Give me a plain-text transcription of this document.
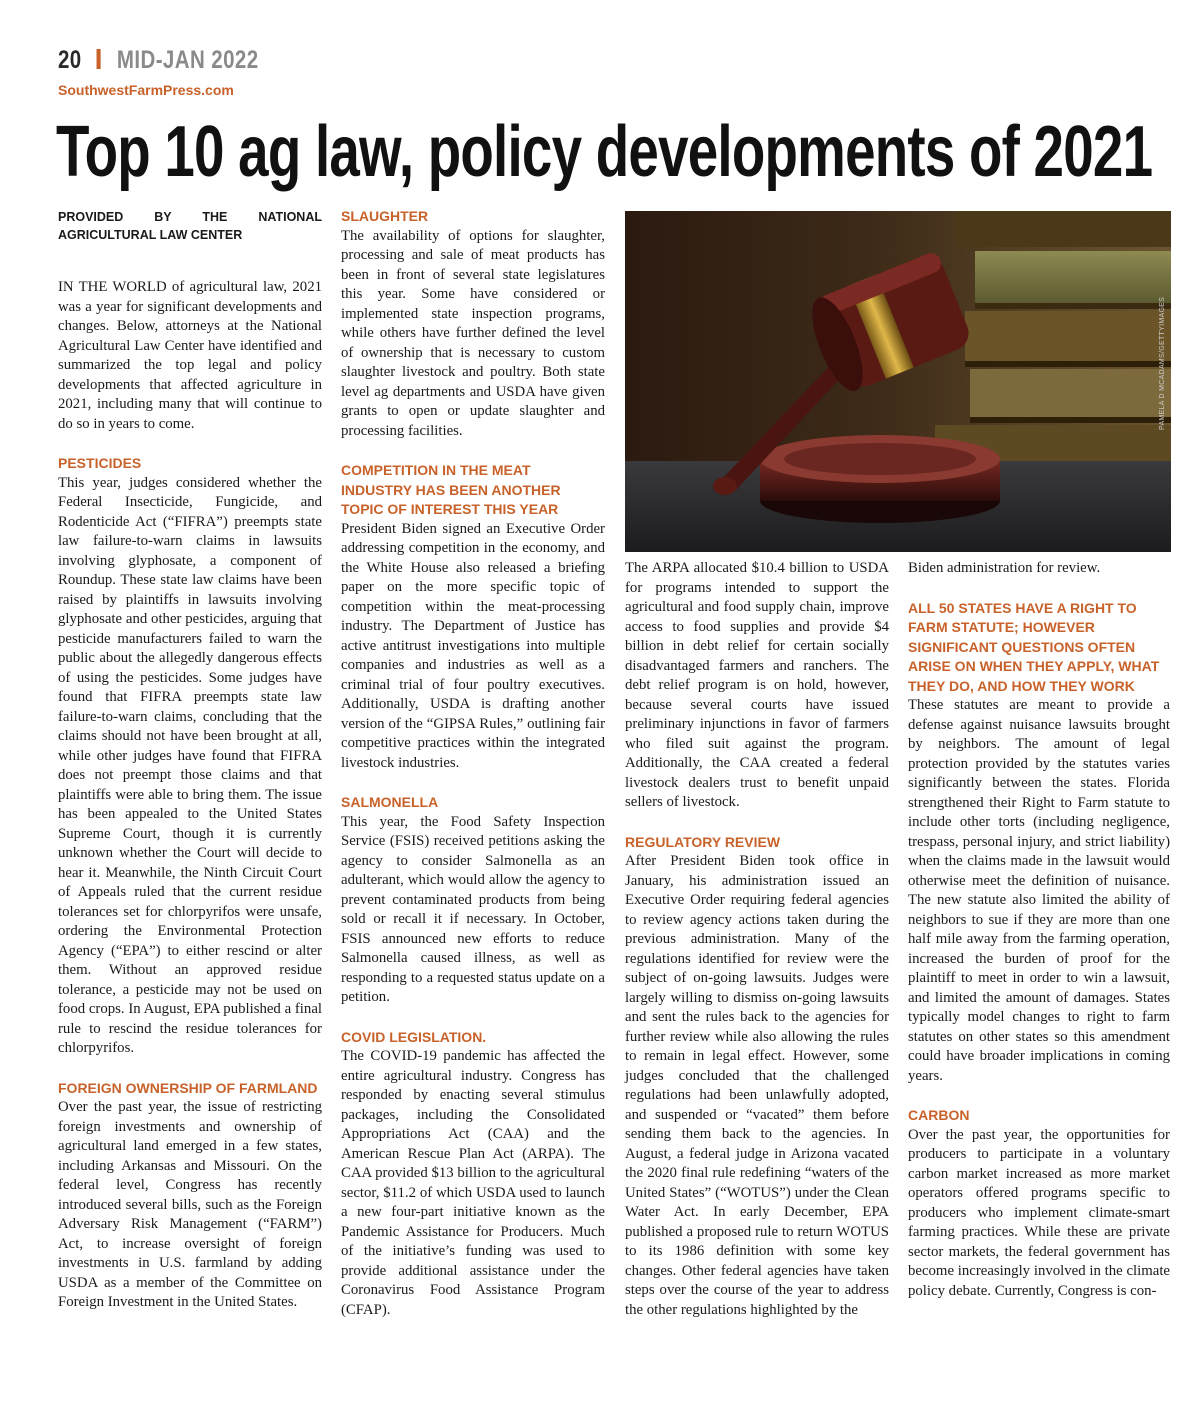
20 MID-JAN 2022
SouthwestFarmPress.com
Top 10 ag law, policy developments of 2021
PROVIDED BY THE NATIONAL AGRICULTURAL LAW CENTER

IN THE WORLD of agricultural law, 2021 was a year for significant developments and changes. Below, attorneys at the National Agricultural Law Center have identified and summarized the top legal and policy developments that affected agriculture in 2021, including many that will continue to do so in years to come.

PESTICIDES

This year, judges considered whether the Federal Insecticide, Fungicide, and Rodenticide Act (“FIFRA”) preempts state law failure-to-warn claims in lawsuits involving glyphosate, a component of Roundup. These state law claims have been raised by plaintiffs in lawsuits involving glyphosate and other pesticides, arguing that pesticide manufacturers failed to warn the public about the allegedly dangerous effects of using the pesticides. Some judges have found that FIFRA preempts state law failure-to-warn claims, concluding that the claims should not have been brought at all, while other judges have found that FIFRA does not preempt those claims and that plaintiffs were able to bring them. The issue has been appealed to the United States Supreme Court, though it is currently unknown whether the Court will decide to hear it. Meanwhile, the Ninth Circuit Court of Appeals ruled that the current residue tolerances set for chlorpyrifos were unsafe, ordering the Environmental Protection Agency (“EPA”) to either rescind or alter them. Without an approved residue tolerance, a pesticide may not be used on food crops. In August, EPA published a final rule to rescind the residue tolerances for chlorpyrifos.

FOREIGN OWNERSHIP OF FARMLAND

Over the past year, the issue of restricting foreign investments and ownership of agricultural land emerged in a few states, including Arkansas and Missouri. On the federal level, Congress has recently introduced several bills, such as the Foreign Adversary Risk Management (“FARM”) Act, to increase oversight of foreign investments in U.S. farmland by adding USDA as a member of the Committee on Foreign Investment in the United States.

SLAUGHTER

The availability of options for slaughter, processing and sale of meat products has been in front of several state legislatures this year. Some have considered or implemented state inspection programs, while others have further defined the level of ownership that is necessary to custom slaughter livestock and poultry. Both state level ag departments and USDA have given grants to open or update slaughter and processing facilities.

COMPETITION IN THE MEAT INDUSTRY HAS BEEN ANOTHER TOPIC OF INTEREST THIS YEAR

President Biden signed an Executive Order addressing competition in the economy, and the White House also released a briefing paper on the more specific topic of competition within the meat-processing industry. The Department of Justice has active antitrust investigations into multiple companies and industries as well as a criminal trial of four poultry executives. Additionally, USDA is drafting another version of the “GIPSA Rules,” outlining fair competitive practices within the integrated livestock industries.

SALMONELLA

This year, the Food Safety Inspection Service (FSIS) received petitions asking the agency to consider Salmonella as an adulterant, which would allow the agency to prevent contaminated products from being sold or recall it if necessary. In October, FSIS announced new efforts to reduce Salmonella caused illness, as well as responding to a requested status update on a petition.

COVID LEGISLATION.

The COVID-19 pandemic has affected the entire agricultural industry. Congress has responded by enacting several stimulus packages, including the Consolidated Appropriations Act (CAA) and the American Rescue Plan Act (ARPA). The CAA provided $13 billion to the agricultural sector, $11.2 of which USDA used to launch a new four-part initiative known as the Pandemic Assistance for Producers. Much of the initiative’s funding was used to provide additional assistance under the Coronavirus Food Assistance Program (CFAP).

PAMELA D MCADAMS/GETTYIMAGES

The ARPA allocated $10.4 billion to USDA for programs intended to support the agricultural and food supply chain, improve access to food supplies and provide $4 billion in debt relief for certain socially disadvantaged farmers and ranchers. The debt relief program is on hold, however, because several courts have issued preliminary injunctions in favor of farmers who filed suit against the program. Additionally, the CAA created a federal livestock dealers trust to benefit unpaid sellers of livestock.

REGULATORY REVIEW

After President Biden took office in January, his administration issued an Executive Order requiring federal agencies to review agency actions taken during the previous administration. Many of the regulations identified for review were the subject of on-going lawsuits. Judges were largely willing to dismiss on-going lawsuits and sent the rules back to the agencies for further review while also allowing the rules to remain in legal effect. However, some judges concluded that the challenged regulations had been unlawfully adopted, and suspended or “vacated” them before sending them back to the agencies. In August, a federal judge in Arizona vacated the 2020 final rule redefining “waters of the United States” (“WOTUS”) under the Clean Water Act. In early December, EPA published a proposed rule to return WOTUS to its 1986 definition with some key changes. Other federal agencies have taken steps over the course of the year to address the other regulations highlighted by the

Biden administration for review.

ALL 50 STATES HAVE A RIGHT TO FARM STATUTE; HOWEVER SIGNIFICANT QUESTIONS OFTEN ARISE ON WHEN THEY APPLY, WHAT THEY DO, AND HOW THEY WORK

These statutes are meant to provide a defense against nuisance lawsuits brought by neighbors. The amount of legal protection provided by the statutes varies significantly between the states. Florida strengthened their Right to Farm statute to include other torts (including negligence, trespass, personal injury, and strict liability) when the claims made in the lawsuit would otherwise meet the definition of nuisance. The new statute also limited the ability of neighbors to sue if they are more than one half mile away from the farming operation, increased the burden of proof for the plaintiff to meet in order to win a lawsuit, and limited the amount of damages. States typically model changes to right to farm statutes on other states so this amendment could have broader implications in coming years.

CARBON

Over the past year, the opportunities for producers to participate in a voluntary carbon market increased as more market operators offered programs specific to producers who implement climate-smart farming practices. While these are private sector markets, the federal government has become increasingly involved in the climate policy debate. Currently, Congress is con-
